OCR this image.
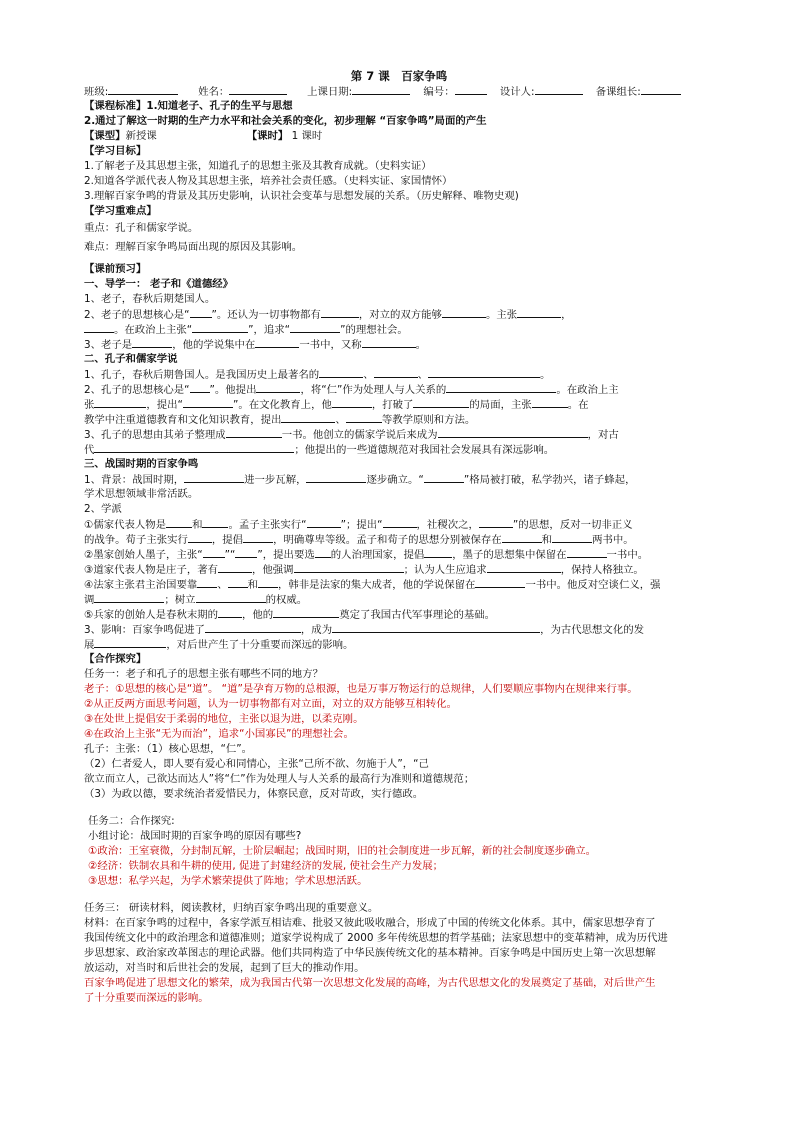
第 7 课　百家争鸣
班级:	姓名：	上课日期:	编号：	设计人:	备课组长:
【课程标准】1.知道老子、孔子的生平与思想
2.通过了解这一时期的生产力水平和社会关系的变化，初步理解 “百家争鸣”局面的产生
【课型】新授课	【课时】 1 课时
【学习目标】
1.了解老子及其思想主张，知道孔子的思想主张及其教育成就。（史料实证）
2.知道各学派代表人物及其思想主张，培养社会责任感。（史料实证、家国情怀）
3.理解百家争鸣的背景及其历史影响，认识社会变革与思想发展的关系。（历史解释、唯物史观)
【学习重难点】
重点：孔子和儒家学说。
难点：理解百家争鸣局面出现的原因及其影响。
【课前预习】
一、导学一： 老子和《道德经》
1、老子，春秋后期楚国人。
2、老子的思想核心是“ ”。还认为一切事物都有	，对立的双方能够	。主张	，
。在政治上主张“	”，追求“	”的理想社会。
3、老子是	，他的学说集中在	一书中，又称	。
二、孔子和儒家学说
1、孔子，春秋后期鲁国人。是我国历史上最著名的	、	、	。
2、孔子的思想核心是“ ”。他提出	，将“仁”作为处理人与人关系的	。在政治上主
张	，提出“	”。在文化教育上，他	，打破了	的局面，主张	。在
教学中注重道德教育和文化知识教育，提出	、	等教学原则和方法。
3、孔子的思想由其弟子整理成	一书。他创立的儒家学说后来成为	，对古
代	；他提出的一些道德规范对我国社会发展具有深远影响。
三、战国时期的百家争鸣
1、背景：战国时期，	进一步瓦解，	逐步确立。“	”格局被打破，私学勃兴，诸子蜂起，
学术思想领域非常活跃。
2、学派
①儒家代表人物是	和	。孟子主张实行“	”；提出“	，社稷次之，	”的思想，反对一切非正义
的战争。荀子主张实行 ，提倡	，明确尊卑等级。孟子和荀子的思想分别被保存在	和	两书中。
②墨家创始人墨子，主张“ ”“ ”，提出要选 的人治理国家，提倡	，墨子的思想集中保留在	一书中。
③道家代表人物是庄子，著有	，他强调	；认为人生应追求	，保持人格独立。
④法家主张君主治国要靠 、 和 ，韩非是法家的集大成者，他的学说保留在	一书中。他反对空谈仁义，强
调	；树立	的权威。
⑤兵家的创始人是春秋末期的 ，他的	奠定了我国古代军事理论的基础。
3、影响：百家争鸣促进了	，成为	，为古代思想文化的发
展	，对后世产生了十分重要而深远的影响。
【合作探究】
任务一：老子和孔子的思想主张有哪些不同的地方？
老子：①思想的核心是“道”。 “道”是孕育万物的总根源，也是万事万物运行的总规律，人们要顺应事物内在规律来行事。
②从正反两方面思考问题，认为一切事物都有对立面，对立的双方能够互相转化。
③在处世上提倡安于柔弱的地位，主张以退为进，以柔克刚。
④在政治上主张“无为而治”，追求“小国寡民”的理想社会。
孔子：主张：（1）核心思想，“仁”。
（2）仁者爱人，即人要有爱心和同情心，主张“己所不欲、勿施于人”，“己
欲立而立人，己欲达而达人”将“仁”作为处理人与人关系的最高行为准则和道德规范；
（3）为政以德，要求统治者爱惜民力，体察民意，反对苛政，实行德政。
任务二：合作探究:
小组讨论：战国时期的百家争鸣的原因有哪些?
①政治：王室衰微，分封制瓦解，士阶层崛起；战国时期，旧的社会制度进一步瓦解，新的社会制度逐步确立。
②经济：铁制农具和牛耕的使用, 促进了封建经济的发展, 使社会生产力发展；
③思想：私学兴起，为学术繁荣提供了阵地；学术思想活跃。
任务三： 研读材料，阅读教材，归纳百家争鸣出现的重要意义。
材料：在百家争鸣的过程中，各家学派互相诘难、批驳又彼此吸收融合，形成了中国的传统文化体系。其中，儒家思想孕育了
我国传统文化中的政治理念和道德准则；道家学说构成了 2000 多年传统思想的哲学基础；法家思想中的变革精神，成为历代进
步思想家、政治家改革图志的理论武器。他们共同构造了中华民族传统文化的基本精神。百家争鸣是中国历史上第一次思想解
放运动，对当时和后世社会的发展，起到了巨大的推动作用。
百家争鸣促进了思想文化的繁荣，成为我国古代第一次思想文化发展的高峰，为古代思想文化的发展奠定了基础，对后世产生
了十分重要而深远的影响。
